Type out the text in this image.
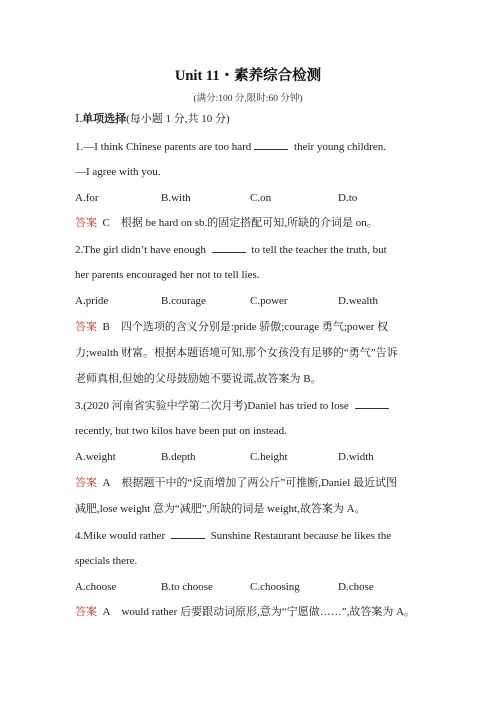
Unit 11・素养综合检测
(满分:100 分,限时:60 分钟)
Ⅰ.单项选择(每小题 1 分,共 10 分)
1.—I think Chinese parents are too hard	their young children.
—I agree with you.
A.for	B.with	C.on	D.to
答案 C 根据 be hard on sb.的固定搭配可知,所缺的介词是 on。
2.The girl didn’t have enough	to tell the teacher the truth, but
her parents encouraged her not to tell lies.
A.pride	B.courage	C.power	D.wealth
答案 B 四个选项的含义分别是:pride 骄傲;courage 勇气;power 权
力;wealth 财富。根据本题语境可知,那个女孩没有足够的“勇气”告诉
老师真相,但她的父母鼓励她不要说谎,故答案为 B。
3.(2020 河南省实验中学第二次月考)Daniel has tried to lose
recently, but two kilos have been put on instead.
A.weight	B.depth	C.height	D.width
答案 A 根据题干中的“反而增加了两公斤”可推断,Daniel 最近试图
减肥,lose weight 意为“减肥”,所缺的词是 weight,故答案为 A。
4.Mike would rather	Sunshine Restaurant because he likes the
specials there.
A.choose	B.to choose	C.choosing	D.chose
答案 A would rather 后要跟动词原形,意为“宁愿做……”,故答案为 A。
